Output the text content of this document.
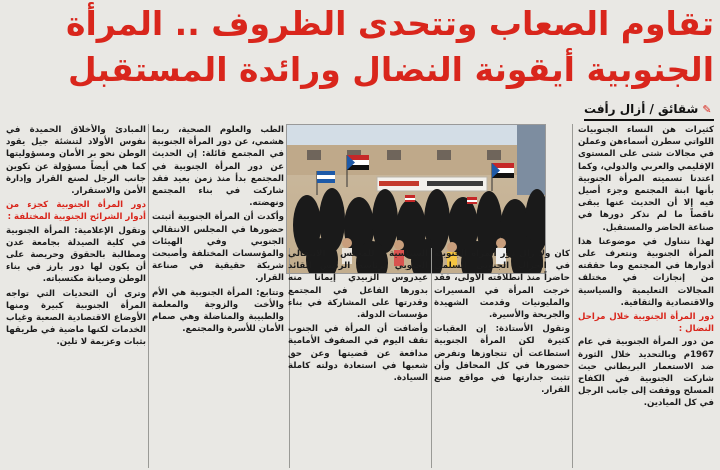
تقاوم الصعاب وتتحدى الظروف .. المرأة
الجنوبية أيقونة النضال ورائدة المستقبل
✎
شقائق / أزال رأفت

كثيرات هن النساء الجنوبيات اللواتي سطرن أسماءهن وعملن في مجالات شتى على المستوى الإقليمي والعربي والدولي، وكما اعتدنا تسميته المرأة الجنوبية بأنها ابنة المجتمع وجزء أصيل فيه إلا أن الحديث عنها يبقى ناقصاً ما لم نذكر دورها في صناعة الحاضر والمستقبل.

لهذا نتناول في موضوعنا هذا المرأة الجنوبية ونتعرف على أدوارها في المجتمع وما حققته من إنجازات في مختلف المجالات التعليمية والسياسية والاقتصادية والثقافية.

دور المرأة الجنوبية خلال مراحل النضال :

من دور المرأة الجنوبية في عام 1967م وبالتحديد خلال الثورة ضد الاستعمار البريطاني حيث شاركت الجنوبية في الكفاح المسلح ووقفت إلى جانب الرجل في كل الميادين.

كان ولا زال دور المرأة الجنوبية في الحراك الجنوبي السلمي حاضراً منذ انطلاقته الأولى، فقد خرجت المرأة في المسيرات والمليونيات وقدمت الشهيدة والجريحة والأسيرة.

وتقول الأستاذة: إن العقبات كثيرة لكن المرأة الجنوبية استطاعت أن تتجاوزها وتفرض حضورها في كل المحافل وأن تثبت جدارتها في مواقع صنع القرار.

السياسية للمجلس الانتقالي الجنوبي برئاسة الرئيس القائد عيدروس الزبيدي إيماناً منه بدورها الفاعل في المجتمع وقدرتها على المشاركة في بناء مؤسسات الدولة.

وأضافت أن المرأة في الجنوب تقف اليوم في الصفوف الأمامية مدافعة عن قضيتها وعن حق شعبها في استعادة دولته كاملة السيادة.

الطب والعلوم الصحية، ربما هشمي، عن دور المرأة الجنوبية في المجتمع قائلة: إن الحديث عن دور المرأة الجنوبية في المجتمع بدأ منذ زمن بعيد فقد شاركت في بناء المجتمع ونهضته.

وأكدت أن المرأة الجنوبية أثبتت حضورها في المجلس الانتقالي الجنوبي وفي الهيئات والمؤسسات المختلفة وأصبحت شريكة حقيقية في صناعة القرار.

وتتابع: المرأة الجنوبية هي الأم والأخت والزوجة والمعلمة والطبيبة والمناضلة وهي صمام الأمان للأسرة والمجتمع.

المبادئ والأخلاق الحميدة في نفوس الأولاد لتنشئة جيل يقود الوطن نحو بر الأمان ومسؤوليتها كما هي أيضاً مسؤولة عن تكوين جانب الرجل لصنع القرار وإدارة الأمن والاستقرار.

دور المرأة الجنوبية كجزء من أدوار الشرائح الجنوبية المختلفة :

وتقول الإعلامية: المرأة الجنوبية في كلية الصيدلة بجامعة عدن ومطالبة بالحقوق وحريصة على أن يكون لها دور بارز في بناء الوطن وصيانة مكتسباته.

وترى أن التحديات التي تواجه المرأة الجنوبية كبيرة ومنها الأوضاع الاقتصادية الصعبة وغياب الخدمات لكنها ماضية في طريقها بثبات وعزيمة لا تلين.
